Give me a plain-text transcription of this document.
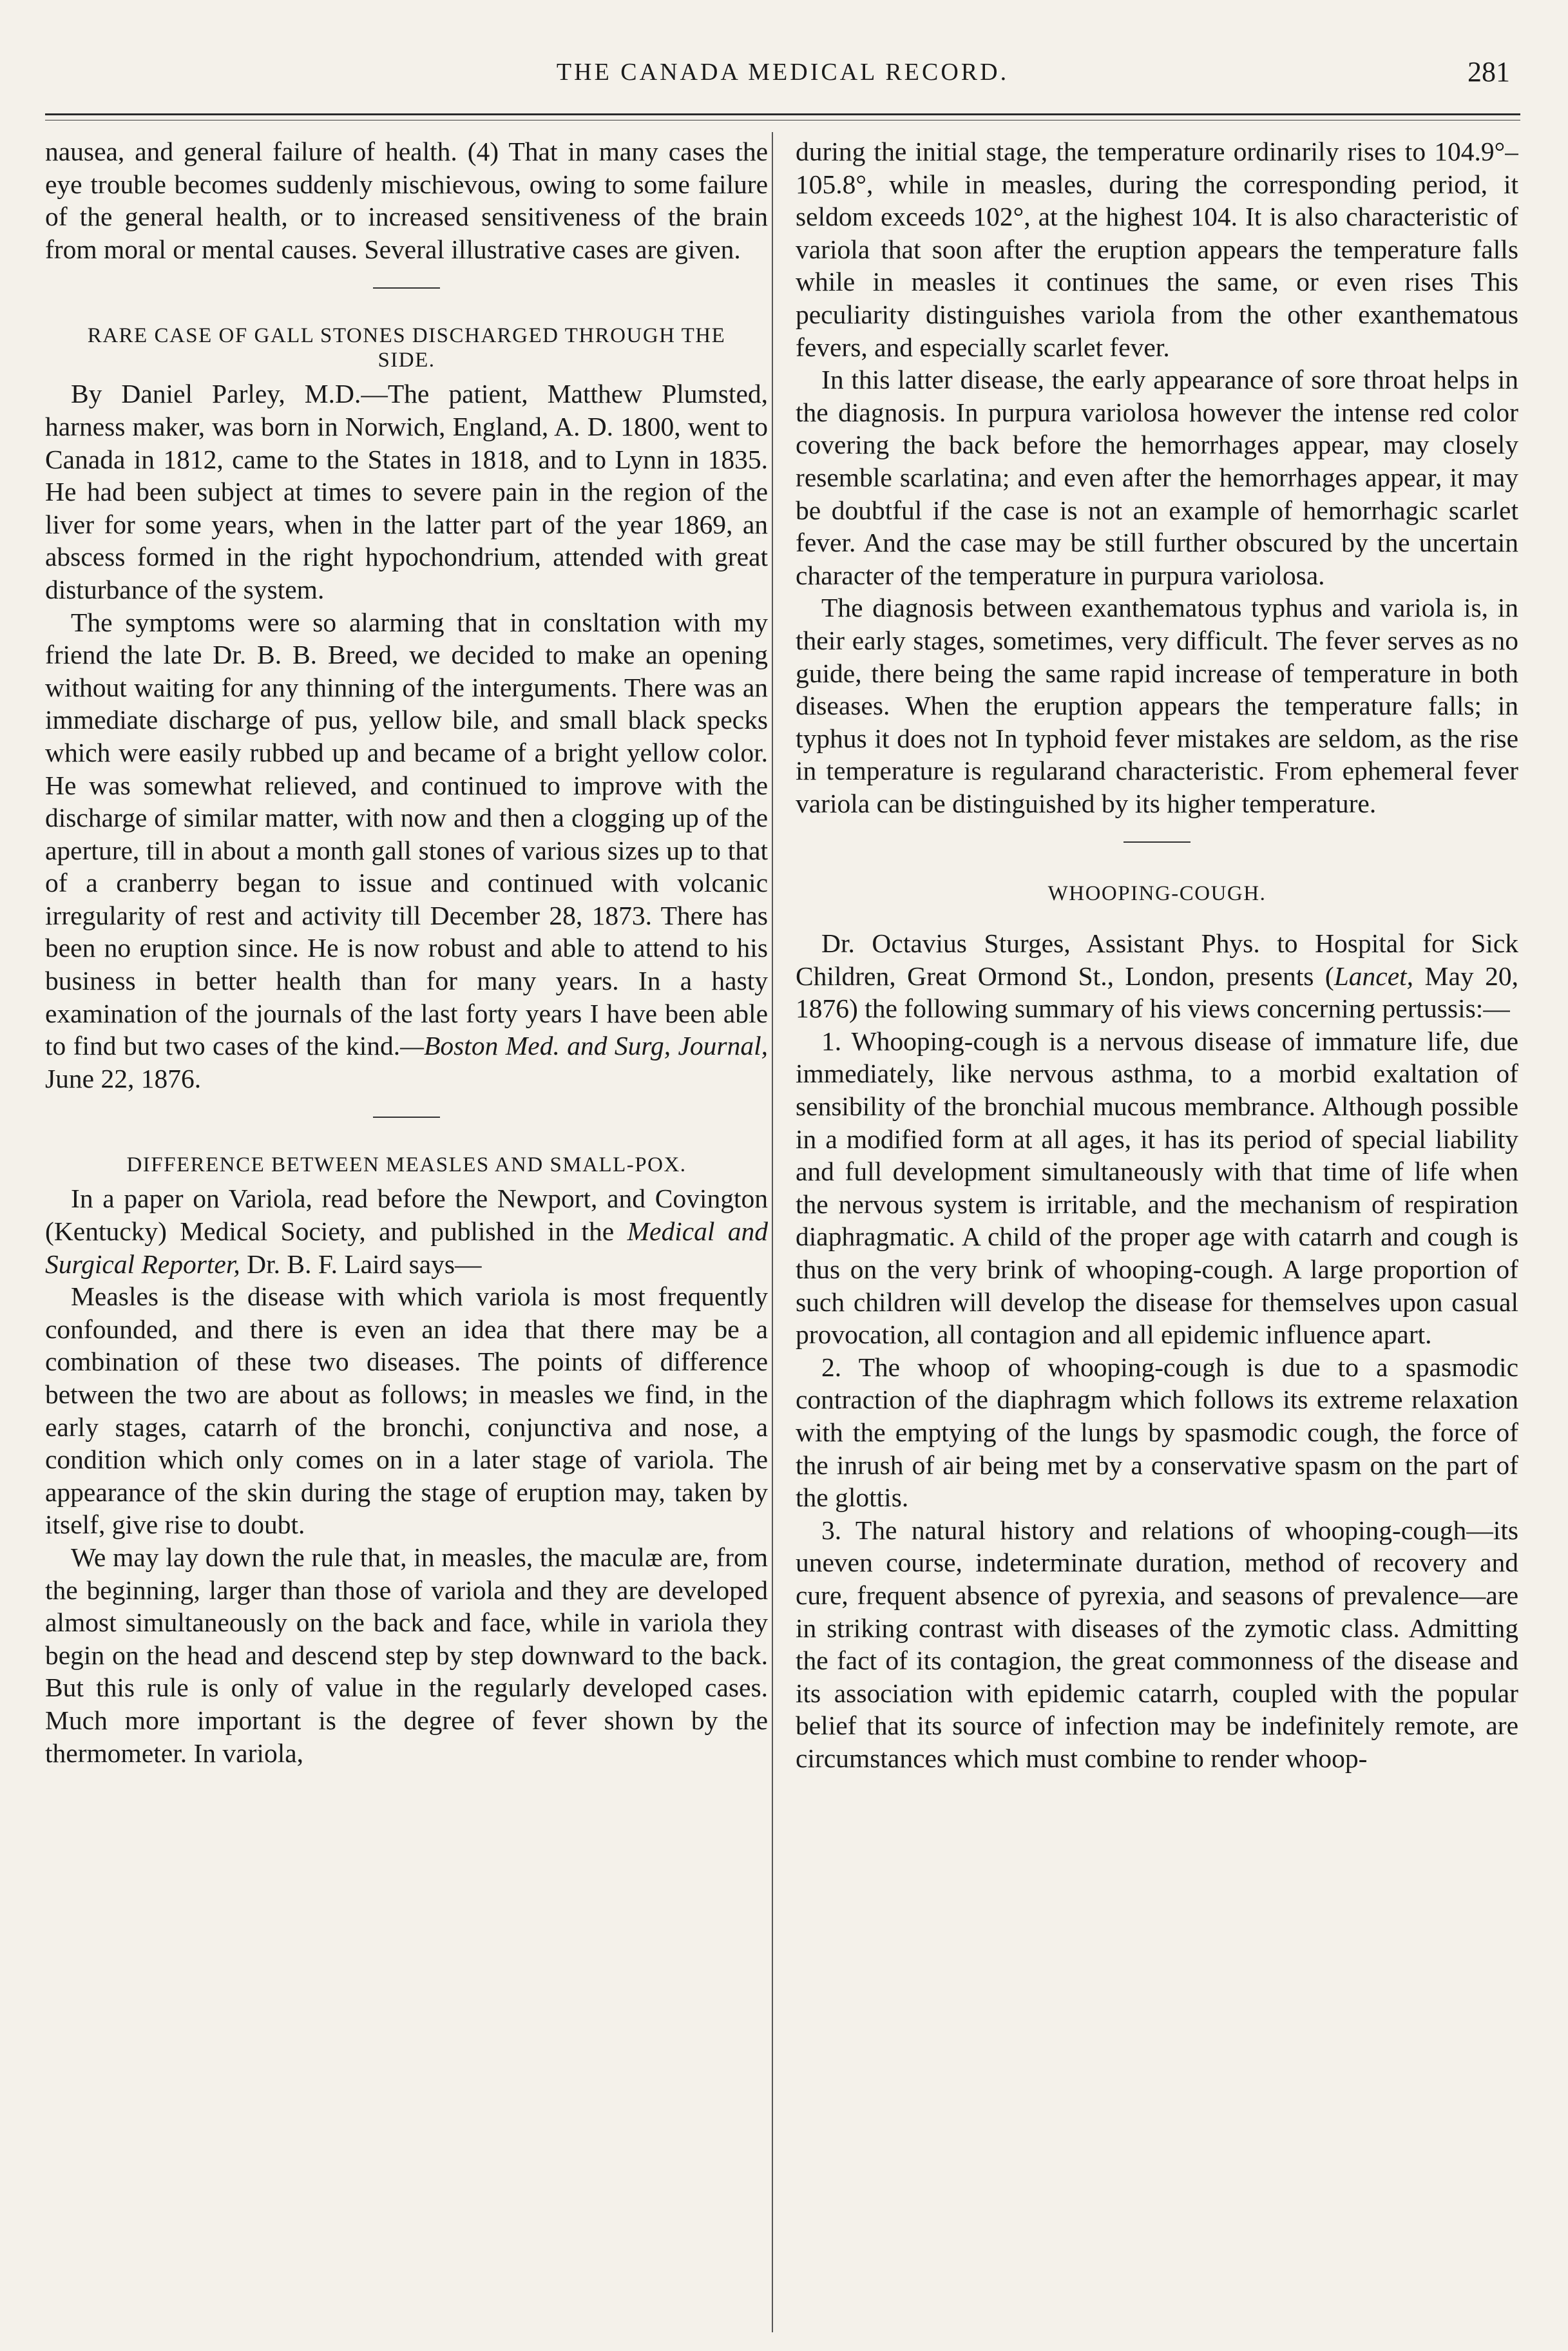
THE CANADA MEDICAL RECORD.	281

nausea, and general failure of health. (4) That in many cases the eye trouble becomes suddenly mischievous, owing to some failure of the general health, or to increased sensitiveness of the brain from moral or mental causes. Several illustrative cases are given.

RARE CASE OF GALL STONES DISCHARGED THROUGH THE SIDE.

By Daniel Parley, M.D.—The patient, Matthew Plumsted, harness maker, was born in Norwich, England, A. D. 1800, went to Canada in 1812, came to the States in 1818, and to Lynn in 1835. He had been subject at times to severe pain in the region of the liver for some years, when in the latter part of the year 1869, an abscess formed in the right hypochondrium, attended with great disturbance of the system.

The symptoms were so alarming that in consltation with my friend the late Dr. B. B. Breed, we decided to make an opening without waiting for any thinning of the interguments. There was an immediate discharge of pus, yellow bile, and small black specks which were easily rubbed up and became of a bright yellow color. He was somewhat relieved, and continued to improve with the discharge of similar matter, with now and then a clogging up of the aperture, till in about a month gall stones of various sizes up to that of a cranberry began to issue and continued with volcanic irregularity of rest and activity till December 28, 1873. There has been no eruption since. He is now robust and able to attend to his business in better health than for many years. In a hasty examination of the journals of the last forty years I have been able to find but two cases of the kind.—Boston Med. and Surg, Journal, June 22, 1876.

DIFFERENCE BETWEEN MEASLES AND SMALL-POX.

In a paper on Variola, read before the Newport, and Covington (Kentucky) Medical Society, and published in the Medical and Surgical Reporter, Dr. B. F. Laird says—

Measles is the disease with which variola is most frequently confounded, and there is even an idea that there may be a combination of these two diseases. The points of difference between the two are about as follows; in measles we find, in the early stages, catarrh of the bronchi, conjunctiva and nose, a condition which only comes on in a later stage of variola. The appearance of the skin during the stage of eruption may, taken by itself, give rise to doubt.

We may lay down the rule that, in measles, the maculæ are, from the beginning, larger than those of variola and they are developed almost simultaneously on the back and face, while in variola they begin on the head and descend step by step downward to the back. But this rule is only of value in the regularly developed cases. Much more important is the degree of fever shown by the thermometer. In variola,

during the initial stage, the temperature ordinarily rises to 104.9°–105.8°, while in measles, during the corresponding period, it seldom exceeds 102°, at the highest 104. It is also characteristic of variola that soon after the eruption appears the temperature falls while in measles it continues the same, or even rises This peculiarity distinguishes variola from the other exanthematous fevers, and especially scarlet fever.

In this latter disease, the early appearance of sore throat helps in the diagnosis. In purpura variolosa however the intense red color covering the back before the hemorrhages appear, may closely resemble scarlatina; and even after the hemorrhages appear, it may be doubtful if the case is not an example of hemorrhagic scarlet fever. And the case may be still further obscured by the uncertain character of the temperature in purpura variolosa.

The diagnosis between exanthematous typhus and variola is, in their early stages, sometimes, very difficult. The fever serves as no guide, there being the same rapid increase of temperature in both diseases. When the eruption appears the temperature falls; in typhus it does not In typhoid fever mistakes are seldom, as the rise in temperature is regularand characteristic. From ephemeral fever variola can be distinguished by its higher temperature.

WHOOPING-COUGH.

Dr. Octavius Sturges, Assistant Phys. to Hospital for Sick Children, Great Ormond St., London, presents (Lancet, May 20, 1876) the following summary of his views concerning pertussis:—

1. Whooping-cough is a nervous disease of immature life, due immediately, like nervous asthma, to a morbid exaltation of sensibility of the bronchial mucous membrance. Although possible in a modified form at all ages, it has its period of special liability and full development simultaneously with that time of life when the nervous system is irritable, and the mechanism of respiration diaphragmatic. A child of the proper age with catarrh and cough is thus on the very brink of whooping-cough. A large proportion of such children will develop the disease for themselves upon casual provocation, all contagion and all epidemic influence apart.

2. The whoop of whooping-cough is due to a spasmodic contraction of the diaphragm which follows its extreme relaxation with the emptying of the lungs by spasmodic cough, the force of the inrush of air being met by a conservative spasm on the part of the glottis.

3. The natural history and relations of whooping-cough—its uneven course, indeterminate duration, method of recovery and cure, frequent absence of pyrexia, and seasons of prevalence—are in striking contrast with diseases of the zymotic class. Admitting the fact of its contagion, the great commonness of the disease and its association with epidemic catarrh, coupled with the popular belief that its source of infection may be indefinitely remote, are circumstances which must combine to render whoop-
